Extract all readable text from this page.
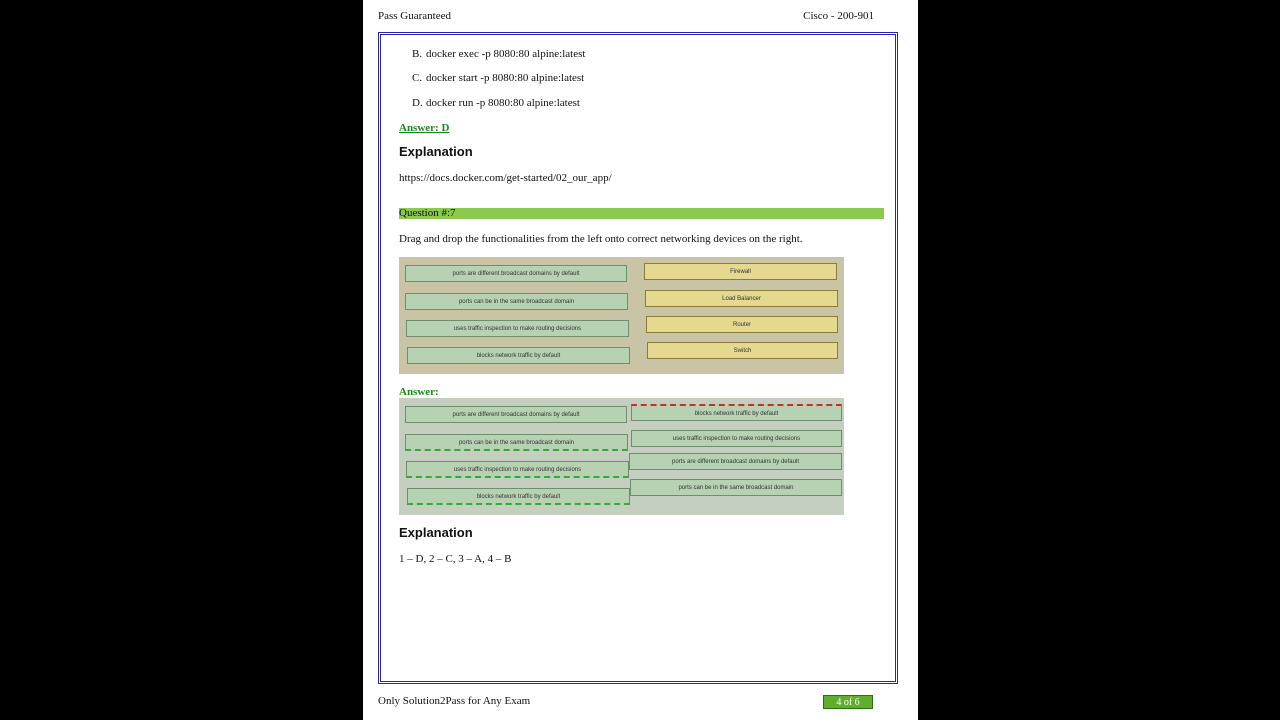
Pass Guaranteed	Cisco - 200-901
B. docker exec -p 8080:80 alpine:latest
C. docker start -p 8080:80 alpine:latest
D. docker run -p 8080:80 alpine:latest
Answer: D
Explanation
https://docs.docker.com/get-started/02_our_app/
Question #:7
Drag and drop the functionalities from the left onto correct networking devices on the right.
ports are different broadcast domains by default
ports can be in the same broadcast domain
uses traffic inspection to make routing decisions
blocks network traffic by default
Firewall
Load Balancer
Router
Switch
Answer:
ports are different broadcast domains by default
ports can be in the same broadcast domain
uses traffic inspection to make routing decisions
blocks network traffic by default
blocks network traffic by default
uses traffic inspection to make routing decisions
ports are different broadcast domains by default
ports can be in the same broadcast domain
Explanation
1 – D, 2 – C, 3 – A, 4 – B
Only Solution2Pass for Any Exam	4 of 6
